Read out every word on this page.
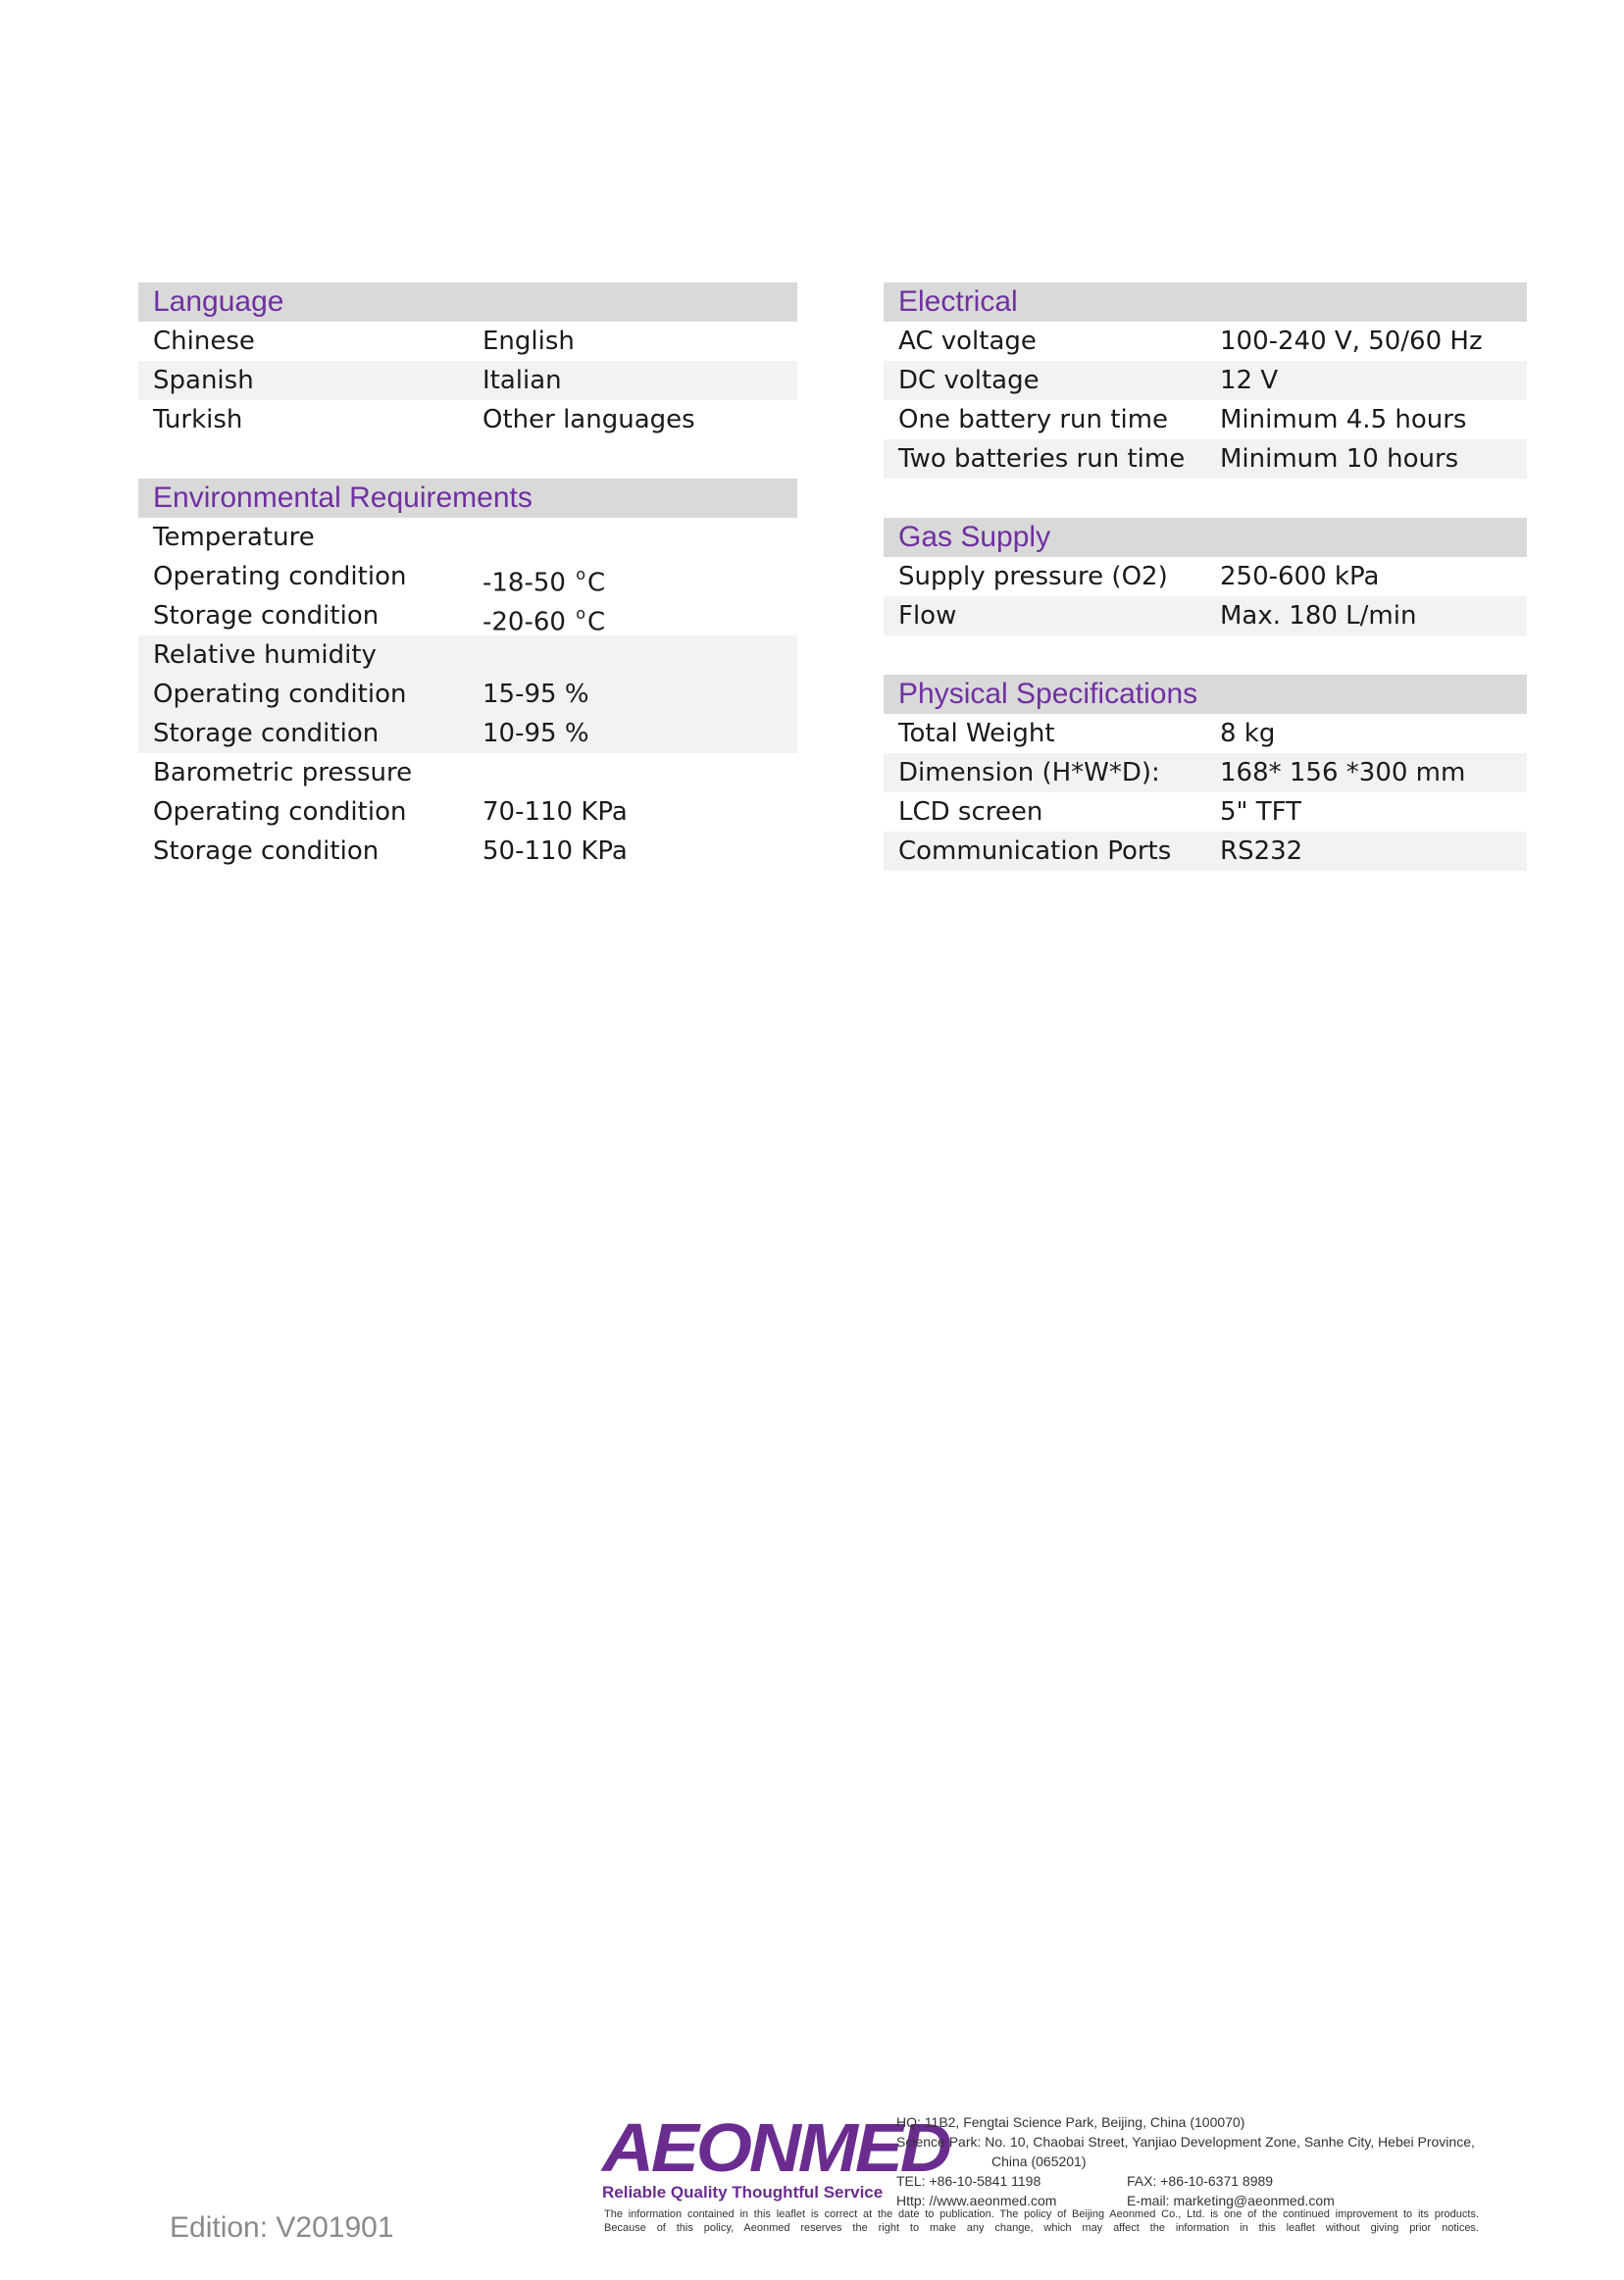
Language
Chinese	English
Spanish	Italian
Turkish	Other languages
Environmental Requirements
Temperature
Operating condition	-18-50 $^o$C
Storage condition	-20-60 $^o$C
Relative humidity
Operating condition	15-95 %
Storage condition	10-95 %
Barometric pressure
Operating condition	70-110 KPa
Storage condition	50-110 KPa
Electrical
AC voltage	100-240 V, 50/60 Hz
DC voltage	12 V
One battery run time	Minimum 4.5 hours
Two batteries run time	Minimum 10 hours
Gas Supply
Supply pressure (O2)	250-600 kPa
Flow	Max. 180 L/min
Physical Specifications
Total Weight	8 kg
Dimension (H*W*D):	168* 156 *300 mm
LCD screen	5" TFT
Communication Ports	RS232
AEONMED
Reliable Quality Thoughtful Service
HQ: 11B2, Fengtai Science Park, Beijing, China (100070)
Science Park: No. 10, Chaobai Street, Yanjiao Development Zone, Sanhe City, Hebei Province,
China (065201)
TEL: +86-10-5841 1198	FAX: +86-10-6371 8989
Http: //www.aeonmed.com	E-mail: marketing@aeonmed.com
The information contained in this leaflet is correct at the date to publication. The policy of Beijing Aeonmed Co., Ltd. is one of the continued improvement to its products.
Because of this policy, Aeonmed reserves the right to make any change, which may affect the information in this leaflet without giving prior notices.
Edition: V201901
